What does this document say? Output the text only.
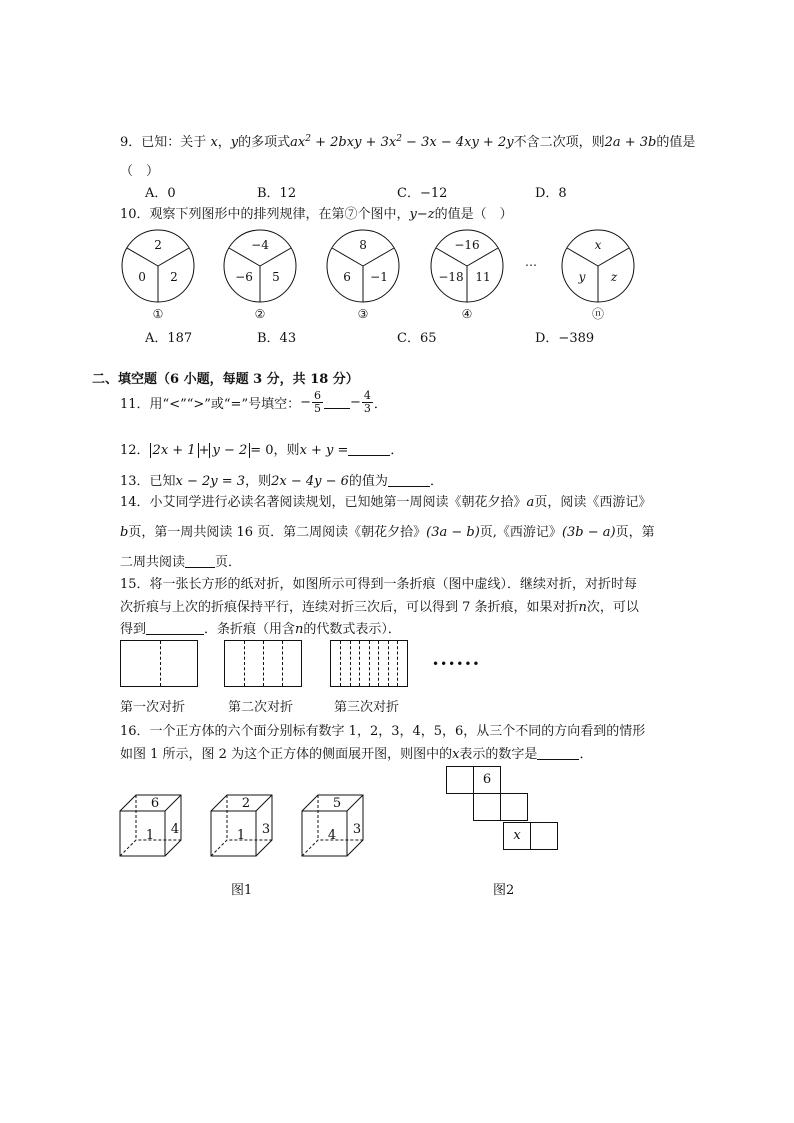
9．已知：关于 x，y的多项式$ax^2 + 2bxy + 3x^2 - 3x - 4xy + 2y$不含二次项，则2a + 3b的值是
（　）
A．0	B．12	C．−12	D．8
10．观察下列图形中的排列规律，在第⑦个图中，y−z的值是（　）
2
0 2
−4
−6 5
8
6 −1
−16
−18 11
…
x
y z
①	②	③	④	ⓝ
A．187	B．43	C．65	D．−389
二、填空题（6 小题，每题 3 分，共 18 分）
11．用“<”“>”或“=”号填空：− $\frac{6}{5} - \frac{4}{3}$ ．
12． 2x + 1 + y − 2 = 0，则x + y =	．
13．已知x − 2y = 3，则2x − 4y − 6的值为	．
14．小艾同学进行必读名著阅读规划，已知她第一周阅读《朝花夕拾》a页，阅读《西游记》
b页，第一周共阅读 16 页．第二周阅读《朝花夕拾》(3a − b)页,《西游记》(3b − a)页，第
二周共阅读 页．
15．将一张长方形的纸对折，如图所示可得到一条折痕（图中虚线）．继续对折，对折时每
次折痕与上次的折痕保持平行，连续对折三次后，可以得到 7 条折痕，如果对折n次，可以
得到	．条折痕（用含n的代数式表示）．
••••••
第一次对折	第二次对折	第三次对折
16．一个正方体的六个面分别标有数字 1，2，3，4，5，6，从三个不同的方向看到的情形
如图 1 所示，图 2 为这个正方体的侧面展开图，则图中的x表示的数字是	．
6
1 4
2
1 3
5
4 3
6
x
图1	图2
